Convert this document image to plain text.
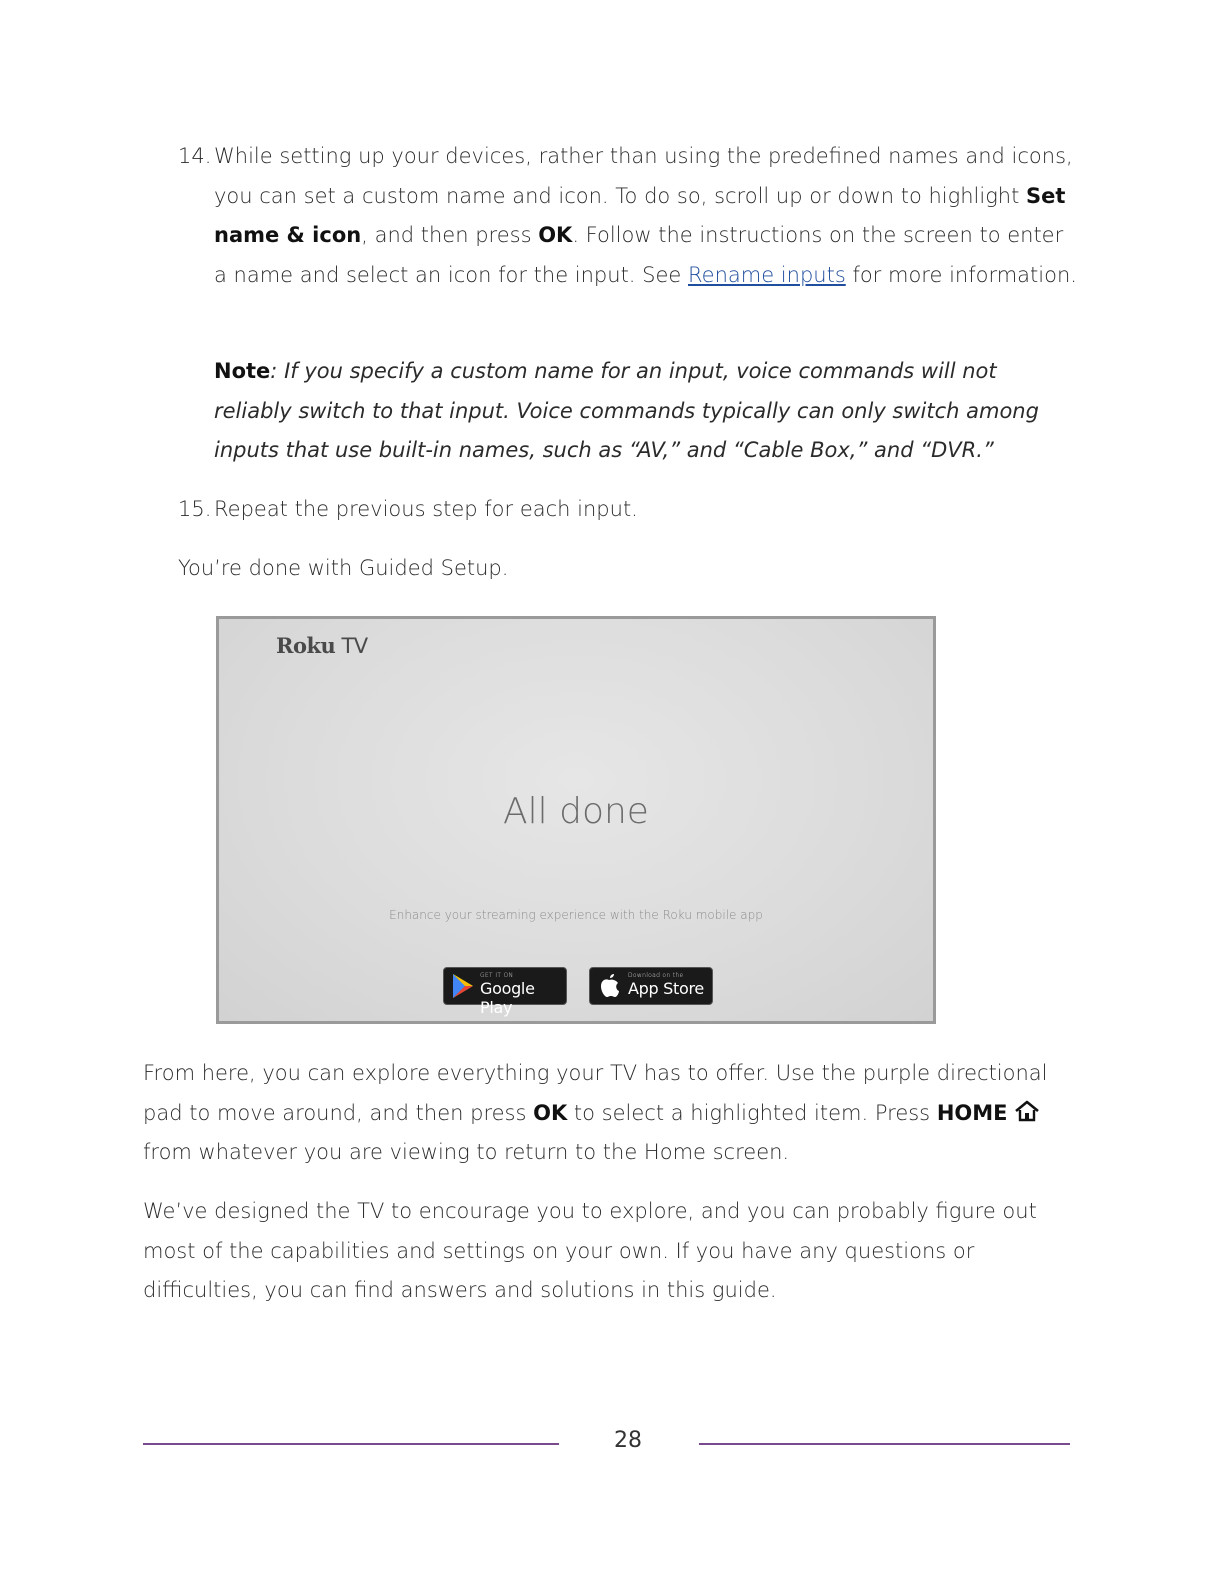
14. While setting up your devices, rather than using the predefined names and icons, you can set a custom name and icon. To do so, scroll up or down to highlight Set name & icon, and then press OK. Follow the instructions on the screen to enter a name and select an icon for the input. See Rename inputs for more information.
Note: If you specify a custom name for an input, voice commands will not reliably switch to that input. Voice commands typically can only switch among inputs that use built-in names, such as “AV,” and “Cable Box,” and “DVR.”
15. Repeat the previous step for each input.
You’re done with Guided Setup.
Roku TV
All done
Enhance your streaming experience with the Roku mobile app
GET IT ON
Google Play
Download on the
App Store
From here, you can explore everything your TV has to offer. Use the purple directional pad to move around, and then press OK to select a highlighted item. Press HOME  from whatever you are viewing to return to the Home screen.
We’ve designed the TV to encourage you to explore, and you can probably figure out most of the capabilities and settings on your own. If you have any questions or difficulties, you can find answers and solutions in this guide.
28
